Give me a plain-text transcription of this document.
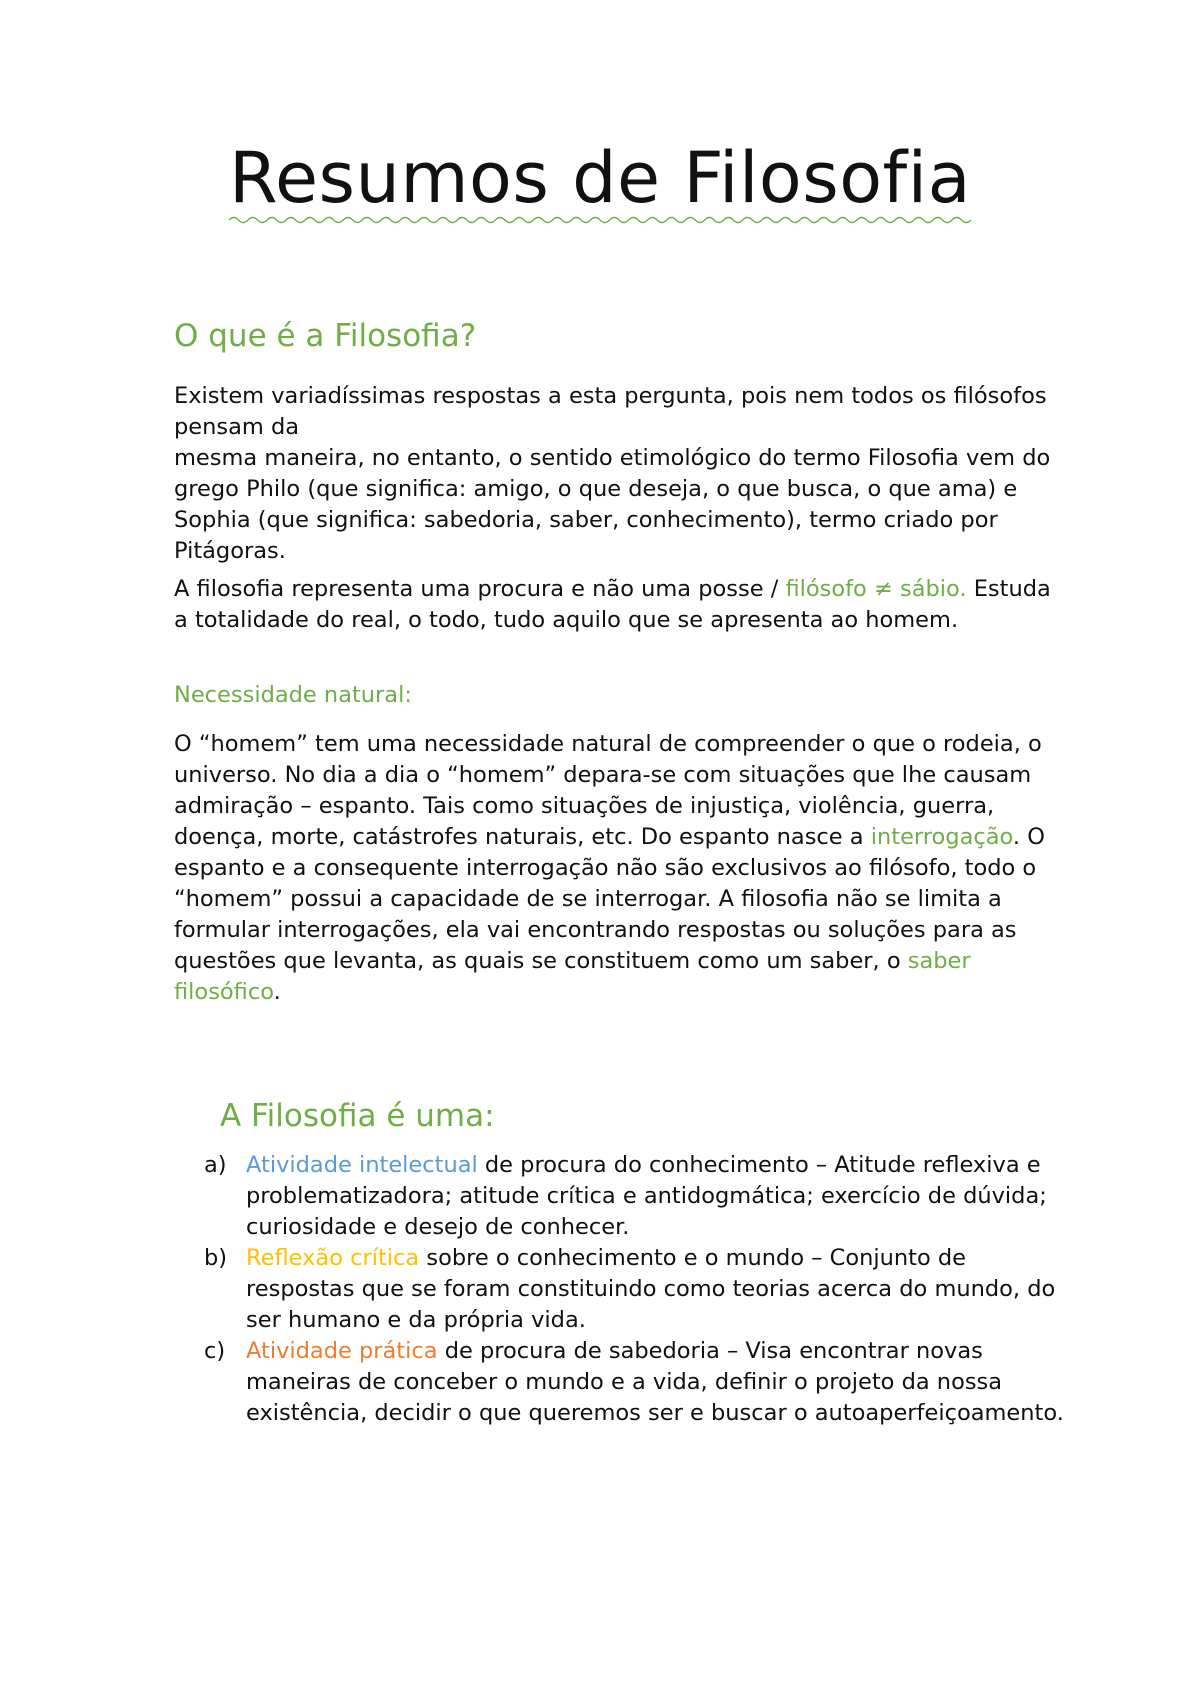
Resumos de Filosofia
O que é a Filosofia?
Existem variadíssimas respostas a esta pergunta, pois nem todos os filósofos pensam da
mesma maneira, no entanto, o sentido etimológico do termo Filosofia vem do grego Philo (que significa: amigo, o que deseja, o que busca, o que ama) e Sophia (que significa: sabedoria, saber, conhecimento), termo criado por Pitágoras.
A filosofia representa uma procura e não uma posse / filósofo ≠ sábio. Estuda a totalidade do real, o todo, tudo aquilo que se apresenta ao homem.
Necessidade natural:
O “homem” tem uma necessidade natural de compreender o que o rodeia, o universo. No dia a dia o “homem” depara-se com situações que lhe causam admiração – espanto. Tais como situações de injustiça, violência, guerra, doença, morte, catástrofes naturais, etc. Do espanto nasce a interrogação. O espanto e a consequente interrogação não são exclusivos ao filósofo, todo o “homem” possui a capacidade de se interrogar. A filosofia não se limita a formular interrogações, ela vai encontrando respostas ou soluções para as questões que levanta, as quais se constituem como um saber, o saber filosófico.
A Filosofia é uma:
a) Atividade intelectual de procura do conhecimento – Atitude reflexiva e problematizadora; atitude crítica e antidogmática; exercício de dúvida; curiosidade e desejo de conhecer.
b) Reflexão crítica sobre o conhecimento e o mundo – Conjunto de respostas que se foram constituindo como teorias acerca do mundo, do ser humano e da própria vida.
c) Atividade prática de procura de sabedoria – Visa encontrar novas maneiras de conceber o mundo e a vida, definir o projeto da nossa existência, decidir o que queremos ser e buscar o autoaperfeiçoamento.
